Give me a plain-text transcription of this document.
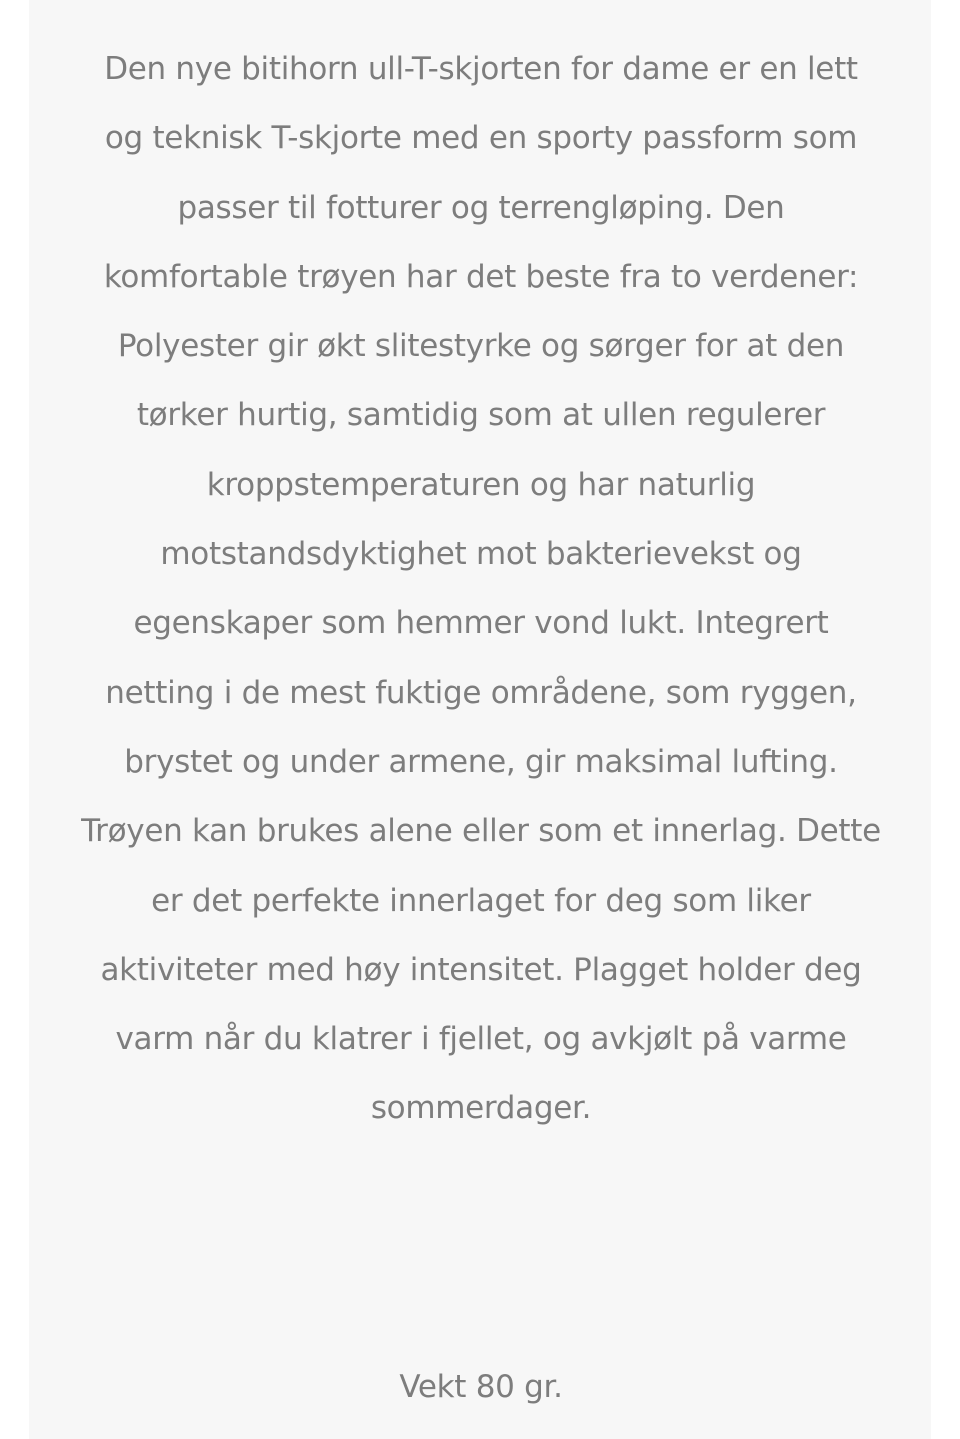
Den nye bitihorn ull-T-skjorten for dame er en lett og teknisk T-skjorte med en sporty passform som passer til fotturer og terrengløping. Den komfortable trøyen har det beste fra to verdener: Polyester gir økt slitestyrke og sørger for at den tørker hurtig, samtidig som at ullen regulerer kroppstemperaturen og har naturlig motstandsdyktighet mot bakterievekst og egenskaper som hemmer vond lukt. Integrert netting i de mest fuktige områdene, som ryggen, brystet og under armene, gir maksimal lufting. Trøyen kan brukes alene eller som et innerlag. Dette er det perfekte innerlaget for deg som liker aktiviteter med høy intensitet. Plagget holder deg varm når du klatrer i fjellet, og avkjølt på varme sommerdager.

Vekt 80 gr.
